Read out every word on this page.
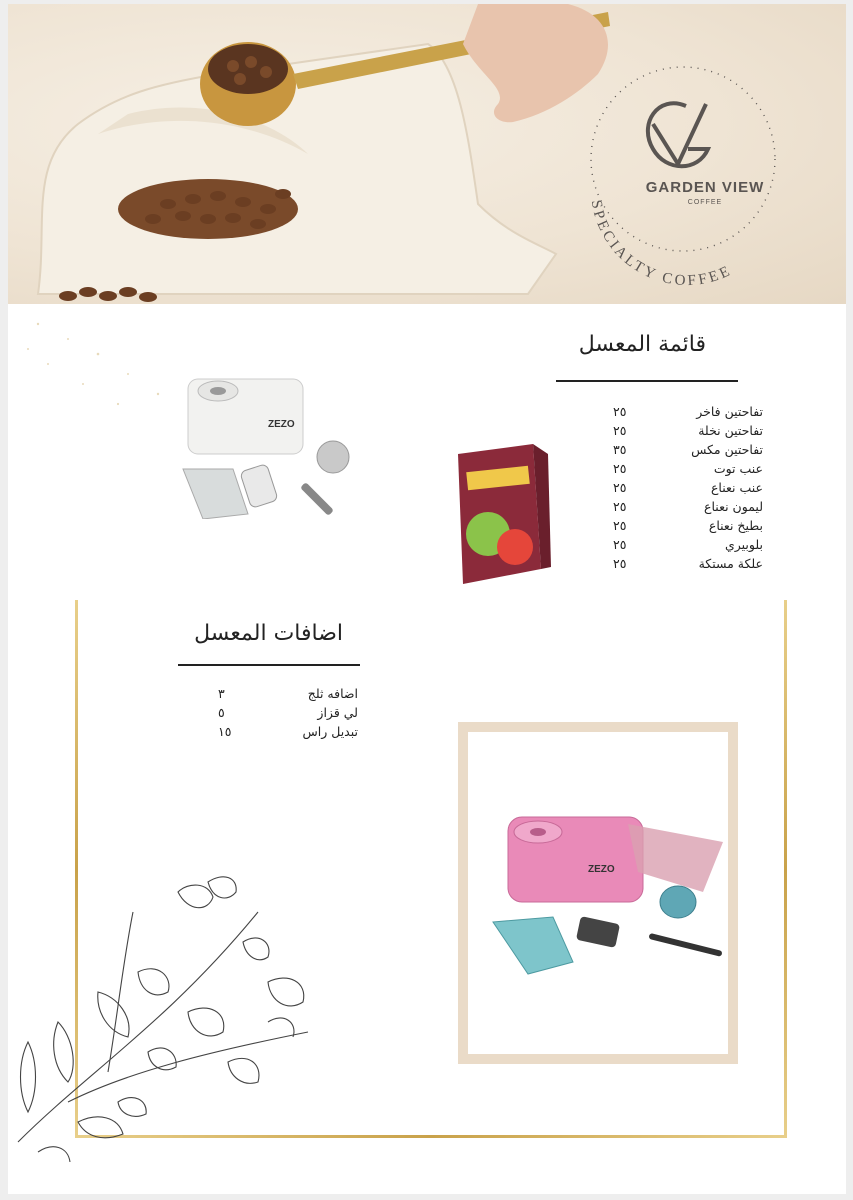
GARDEN VIEW
COFFEE
SPECIALTY COFFEE
ZEZO
قائمة المعسل
تفاحتين فاخر
٢٥
تفاحتين نخلة
٢٥
تفاحتين مكس
٣٥
عنب توت
٢٥
عنب نعناع
٢٥
ليمون نعناع
٢٥
بطيخ نعناع
٢٥
بلوبيري
٢٥
علكة مستكة
٢٥
اضافات المعسل
اضافه ثلج
٣
لي قزاز
٥
تبديل راس
١٥
ZEZO
